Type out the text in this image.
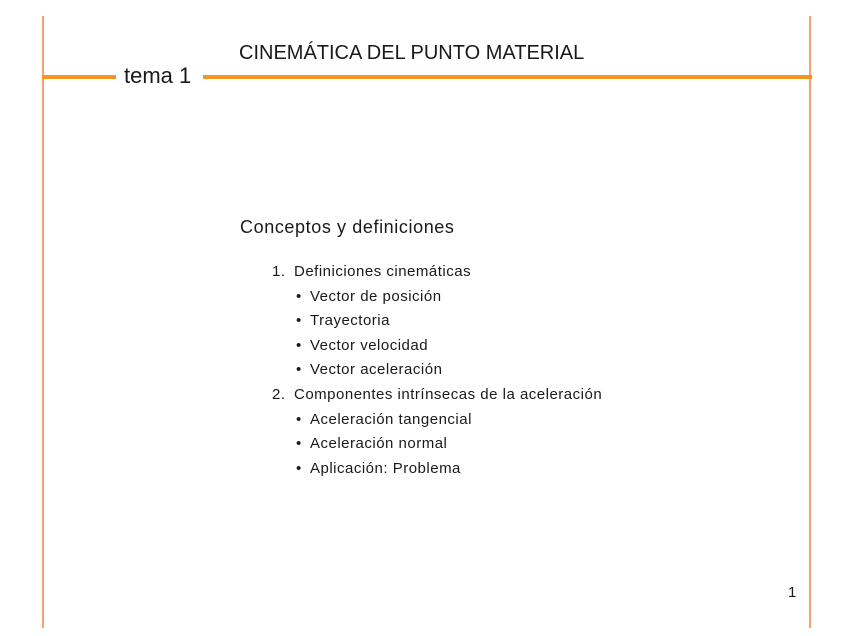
tema 1
CINEMÁTICA DEL PUNTO MATERIAL
Conceptos y definiciones
1. Definiciones cinemáticas
• Vector de posición
• Trayectoria
• Vector velocidad
• Vector aceleración
2. Componentes intrínsecas de la aceleración
• Aceleración tangencial
• Aceleración normal
• Aplicación: Problema
1
